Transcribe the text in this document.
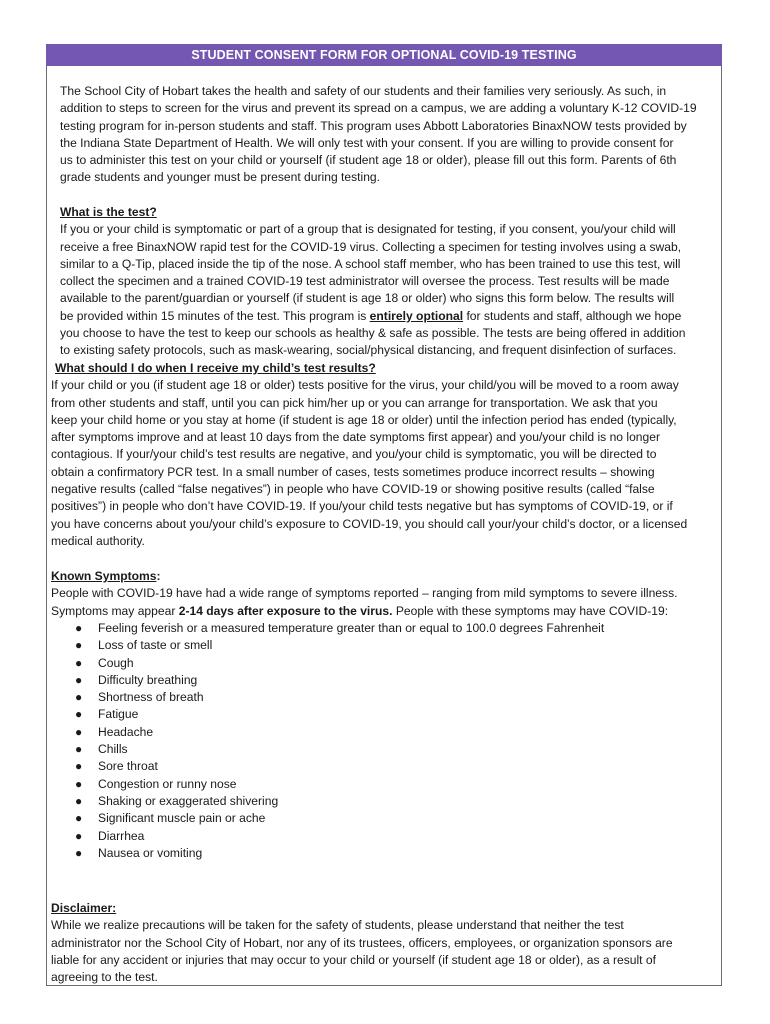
STUDENT CONSENT FORM FOR OPTIONAL COVID-19 TESTING
The School City of Hobart takes the health and safety of our students and their families very seriously. As such, in
addition to steps to screen for the virus and prevent its spread on a campus, we are adding a voluntary K-12 COVID-19
testing program for in-person students and staff. This program uses Abbott Laboratories BinaxNOW tests provided by
the Indiana State Department of Health. We will only test with your consent. If you are willing to provide consent for
us to administer this test on your child or yourself (if student age 18 or older), please fill out this form. Parents of 6th
grade students and younger must be present during testing.
What is the test?
If you or your child is symptomatic or part of a group that is designated for testing, if you consent, you/your child will
receive a free BinaxNOW rapid test for the COVID-19 virus. Collecting a specimen for testing involves using a swab,
similar to a Q-Tip, placed inside the tip of the nose. A school staff member, who has been trained to use this test, will
collect the specimen and a trained COVID-19 test administrator will oversee the process. Test results will be made
available to the parent/guardian or yourself (if student is age 18 or older) who signs this form below. The results will
be provided within 15 minutes of the test. This program is entirely optional for students and staff, although we hope
you choose to have the test to keep our schools as healthy & safe as possible. The tests are being offered in addition
to existing safety protocols, such as mask-wearing, social/physical distancing, and frequent disinfection of surfaces.
What should I do when I receive my child’s test results?
If your child or you (if student age 18 or older) tests positive for the virus, your child/you will be moved to a room away
from other students and staff, until you can pick him/her up or you can arrange for transportation. We ask that you
keep your child home or you stay at home (if student is age 18 or older) until the infection period has ended (typically,
after symptoms improve and at least 10 days from the date symptoms first appear) and you/your child is no longer
contagious. If your/your child’s test results are negative, and you/your child is symptomatic, you will be directed to
obtain a confirmatory PCR test. In a small number of cases, tests sometimes produce incorrect results – showing
negative results (called “false negatives”) in people who have COVID-19 or showing positive results (called “false
positives”) in people who don’t have COVID-19. If you/your child tests negative but has symptoms of COVID-19, or if
you have concerns about you/your child’s exposure to COVID-19, you should call your/your child’s doctor, or a licensed
medical authority.
Known Symptoms:
People with COVID-19 have had a wide range of symptoms reported – ranging from mild symptoms to severe illness.
Symptoms may appear 2-14 days after exposure to the virus. People with these symptoms may have COVID-19:
● Feeling feverish or a measured temperature greater than or equal to 100.0 degrees Fahrenheit
● Loss of taste or smell
● Cough
● Difficulty breathing
● Shortness of breath
● Fatigue
● Headache
● Chills
● Sore throat
● Congestion or runny nose
● Shaking or exaggerated shivering
● Significant muscle pain or ache
● Diarrhea
● Nausea or vomiting
Disclaimer:
While we realize precautions will be taken for the safety of students, please understand that neither the test
administrator nor the School City of Hobart, nor any of its trustees, officers, employees, or organization sponsors are
liable for any accident or injuries that may occur to your child or yourself (if student age 18 or older), as a result of
agreeing to the test.
